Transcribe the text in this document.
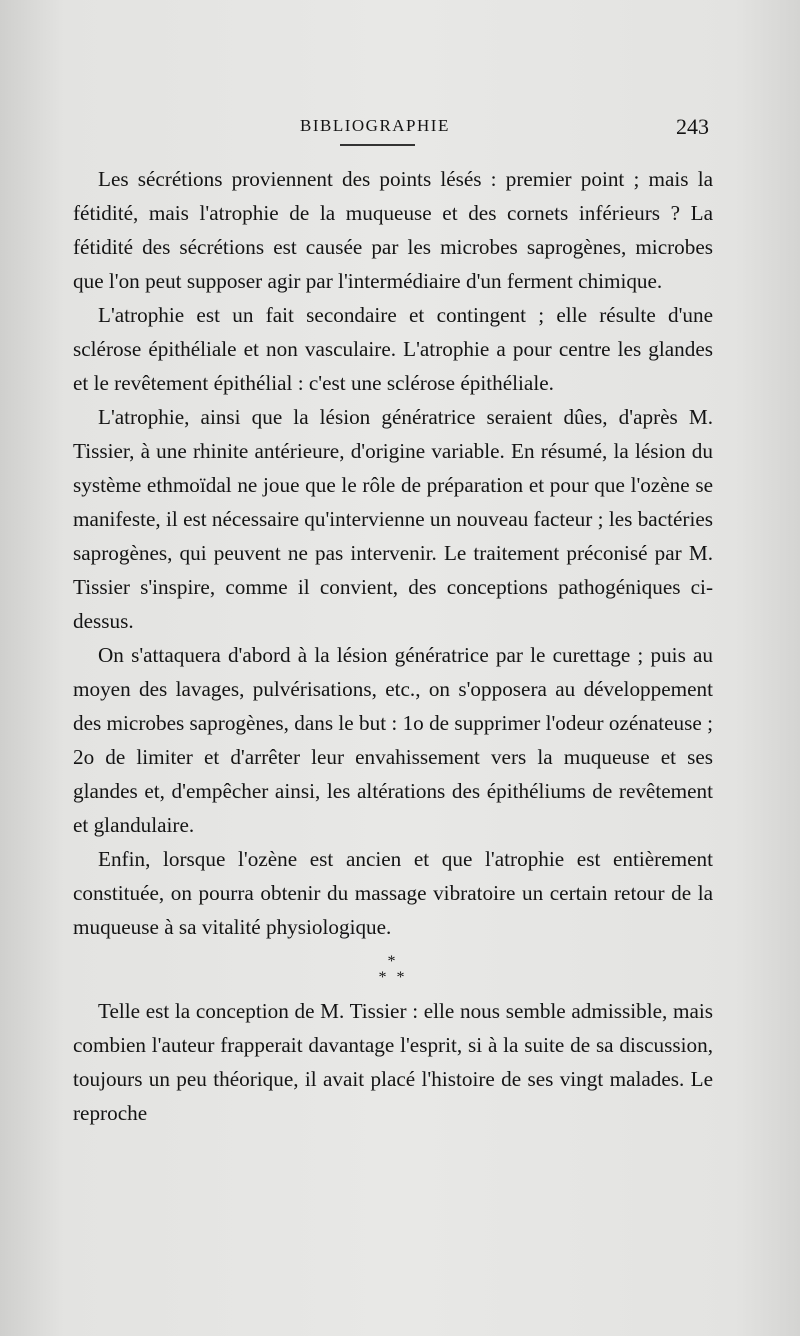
BIBLIOGRAPHIE	243

Les sécrétions proviennent des points lésés : premier point ; mais la fétidité, mais l'atrophie de la muqueuse et des cornets inférieurs ? La fétidité des sécrétions est causée par les microbes saprogènes, microbes que l'on peut supposer agir par l'intermédiaire d'un ferment chimique.

L'atrophie est un fait secondaire et contingent ; elle résulte d'une sclérose épithéliale et non vasculaire. L'atrophie a pour centre les glandes et le revêtement épithélial : c'est une sclérose épithéliale.

L'atrophie, ainsi que la lésion génératrice seraient dûes, d'après M. Tissier, à une rhinite antérieure, d'origine variable. En résumé, la lésion du système ethmoïdal ne joue que le rôle de préparation et pour que l'ozène se manifeste, il est nécessaire qu'intervienne un nouveau facteur ; les bactéries saprogènes, qui peuvent ne pas intervenir. Le traitement préconisé par M. Tissier s'inspire, comme il convient, des conceptions pathogéniques ci-dessus.

On s'attaquera d'abord à la lésion génératrice par le curettage ; puis au moyen des lavages, pulvérisations, etc., on s'opposera au développement des microbes saprogènes, dans le but : 1o de supprimer l'odeur ozénateuse ; 2o de limiter et d'arrêter leur envahissement vers la muqueuse et ses glandes et, d'empêcher ainsi, les altérations des épithéliums de revêtement et glandulaire.

Enfin, lorsque l'ozène est ancien et que l'atrophie est entièrement constituée, on pourra obtenir du massage vibratoire un certain retour de la muqueuse à sa vitalité physiologique.

*
* *

Telle est la conception de M. Tissier : elle nous semble admissible, mais combien l'auteur frapperait davantage l'esprit, si à la suite de sa discussion, toujours un peu théorique, il avait placé l'histoire de ses vingt malades. Le reproche
